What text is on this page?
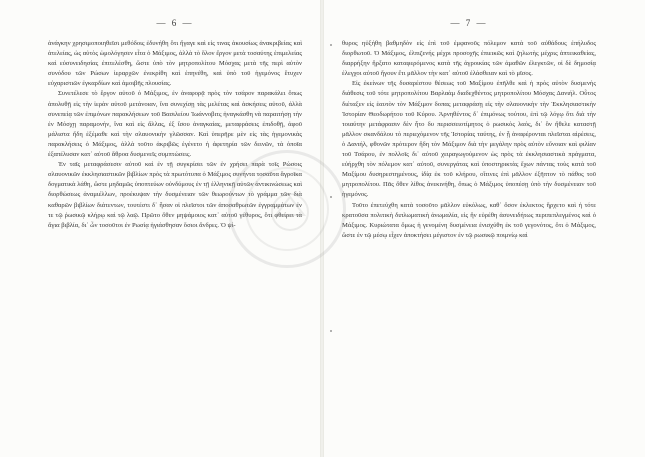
— 6 —

ἀνάγκην χρησιμοποιηθεῖσι μεθόδοις ἐδυνήθη ὅτι ἤγαγε καὶ εἰς τινας ἀκουσίως ἀνακριβείας καὶ ἀτελείας, ὡς αὐτὸς ὡμολόγησεν εἶτα ὁ Μάξιμος, ἀλλὰ τὸ ὅλον ἔργον μετὰ τοσαύτης ἐπιμελείας καὶ εὐσυνειδησίας ἐπιτελέσθη, ὥστε ὑπὸ τὸν μητροπολίτου Μόσχας μετὰ τῆς περὶ αὐτὸν συνόδου τῶν Ρώσων ἱεραρχῶν ἐνεκρίθη καὶ ἐπηνέθη, καὶ ὑπὸ τοῦ ἡγεμόνος ἔτυχεν εὐχαριστιῶν ἐγκαρδίων καὶ ἀμοιβῆς πλουσίας.

Συνετέλεσε τὸ ἔργον αὐτοῦ ὁ Μάξιμος, ἐν ἀναφορᾷ πρὸς τὸν τσάρον παρακάλει ὅπως ἀπολυθῇ εἰς τὴν ἱερὰν αὐτοῦ μετάνοιαν, ἵνα συνεχίσῃ τὰς μελέτας καὶ ἀσκήσεις αὐτοῦ, ἀλλὰ συνεπείᾳ τῶν ἐπιμόνων παρακλήσεων τοῦ Βασιλείου Ἰωάννοβιτς ἠναγκάσθη νὰ παραιτήσῃ τὴν ἐν Μόσχῃ παραμονήν, ἵνα καὶ εἰς ἄλλας, ἐξ ἴσου ἀναγκαίας, μεταφράσεις ἐπιδοθῇ, ἀφοῦ μάλιστα ἤδη ἐξέμαθε καὶ τὴν σλαυονικὴν γλῶσσαν. Καὶ ὑπερῆρε μὲν εἰς τὰς ἡγεμονικὰς παρακλήσεις ὁ Μάξιμος, ἀλλὰ τοῦτο ἀκριβῶς ἐγένετο ἡ ἀφετηρία τῶν δεινῶν, τὰ ὁποῖα ἐξαπέλυσαν κατ᾽ αὐτοῦ ἄθροα δυσμενεῖς συμπτώσεις.

Ἐν ταῖς μεταφράσεσιν αὐτοῦ καὶ ἐν τῇ συγκρίσει τῶν ἐν χρήσει παρὰ τοῖς Ρώσοις σλαυονικῶν ἐκκλησιαστικῶν βιβλίων πρὸς τὰ πρωτότυπα ὁ Μάξιμος συνήντα τοσαῦτα ἄγροῖκα δογματικὰ λάθη, ὥστε μηδαμῶς ὑποπτεύων οὐνδύμους ἐν τῇ ἑλληνικῇ αὐτῶν ἀντικινώσεως καὶ διορθώσεως ἀναμιέλλων, προέκυψαν τὴν δυσμένειαν τῶν θεωρούντων τὸ γράμμα τῶν διὰ καθαρῶν βιβλίων διάτεντων, τουτέστι δ᾽ ἦσαν οἱ πλεῖστοι τῶν ἀποσαθρωτῶν ἐγγραμμάτων ἐν τε τῷ ῥωσικῷ κλήρῳ καὶ τῷ λαῷ. Πρῶτο ὅθεν μηψάμοιος κατ᾽ αὐτοῦ γέθυρος, ὅτι φθείρει τὰ ἅγια βιβλία, δι᾽ ὧν τοσοῦτοι ἐν Ρωσίᾳ ἡγιάσθησαν ὅσιοι ἄνδρες. Ὁ ψί-

— 7 —

θυρος ηὐξήθη βαθμηδὸν εἰς ἐπὶ τοῦ ἐμφανοῦς πόλεμον κατὰ τοῦ αὐθάδους ἐπήλυδος διορθωτοῦ. Ὁ Μάξιμος, ἐλπιζενής μέχρι προσοχῆς ἐπιεικῶς καὶ ζηλωτὴς μέχρις ἀπτεικαθείας, διαρρήξην ἤρξατο καταφερόμενος κατὰ τῆς ἀγροικίας τῶν ἀμαθῶν ἐλεγκτῶν, οἱ δὲ δημοσίᾳ ἐλεγχοι αὐτοῦ ἤγουν ἔτι μᾶλλον τὴν κατ᾽ αὐτοῦ ἐλάσθειαν καὶ τὸ μῖσος.

Εἰς ἐκείνων τῆς δυσαρέστου θέσεως τοῦ Μαξίμου ἐπῆλθε καὶ ἡ πρὸς αὐτὸν δυσμενὴς διάθεσις τοῦ τότε μητροπολίτου Βαρλαὰμ διαδεχθέντος μητροπολίτου Μόσχας Δανιήλ. Οὗτος διέταξεν εἰς ἑαυτὸν τὸν Μάξιμον δοπας μεταφράσῃ εἰς τὴν σλαυονικὴν τὴν Ἐκκλησιαστικὴν Ἱστορίαν Θεοδωρήτου τοῦ Κύρου. Ἀρνηθέντος δ᾽ ἐπιμόνως τούτου, ἐπὶ τῷ λόγῳ ὅτι διὰ τὴν τοιαύτην μετάφρασιν δὲν ἦτο δυ περισσειοτίμητος ὁ ρωσικὸς λαός, δι᾽ ὃν ἤθελε καταστῇ μᾶλλον σκανδάλου τὸ περιεχόμενον τῆς Ἱστορίας ταύτης, ἐν ᾗ ἀναφέρονται πλεῖσται αἱρέσεις, ὁ Δανιήλ, φθονῶν πρότερον ἤδη τὸν Μάξιμον διὰ τὴν μεγάλην πρὸς αὐτὸν εὔνοιαν καὶ φιλίαν τοῦ Τσάρου, ἐν πολλοῖς δι᾽ αὐτοῦ χειραγωγούμενον ὡς πρὸς τὰ ἐκκλησιαστικὰ πράγματα, εὐήρχθη τὸν πόλεμον κατ᾽ αὐτοῦ, συνεργάτας καὶ ὑποστηρικτὰς ἔχων πάντας τοὺς κατὰ τοῦ Μαξίμου δυσηρεστημένους, ἰδίᾳ ἐκ τοῦ κλήρου, οἵτινες ἐπὶ μᾶλλον ἐξῆπτον τὸ πάθος τοῦ μητροπολίτου. Πᾶς ὅθεν λίθος ἀνεκινήθη, ὅπως ὁ Μάξιμος ὑποπέσῃ ὑπὸ τὴν δυσμένειαν τοῦ ἡγεμόνος.

Τοῦτο ἐπετεύχθη κατὰ τοσοῦτο μᾶλλον εὐκόλως, καθ᾽ ὅσον ἐκλεκτος ἤρχετο καὶ ἡ τότε κρατοῦσα πολιτικὴ διπλωματικὴ ἀνωμαλία, εἰς ἣν εὑρέθη ἀσυνειδήτως περιπεπλεγμένος καὶ ὁ Μάξιμος. Κυριώτατα ὅμως ἡ γενομένη δυσμένεια ἐνισχύθη ἐκ τοῦ γεγονότος, ὅτι ὁ Μάξιμος, ὥστε ἐν τῷ μέσῳ εἶχεν ἀποκτήσει μέγιστον ἐν τῷ ρωσικῷ ποιμνίῳ καὶ
